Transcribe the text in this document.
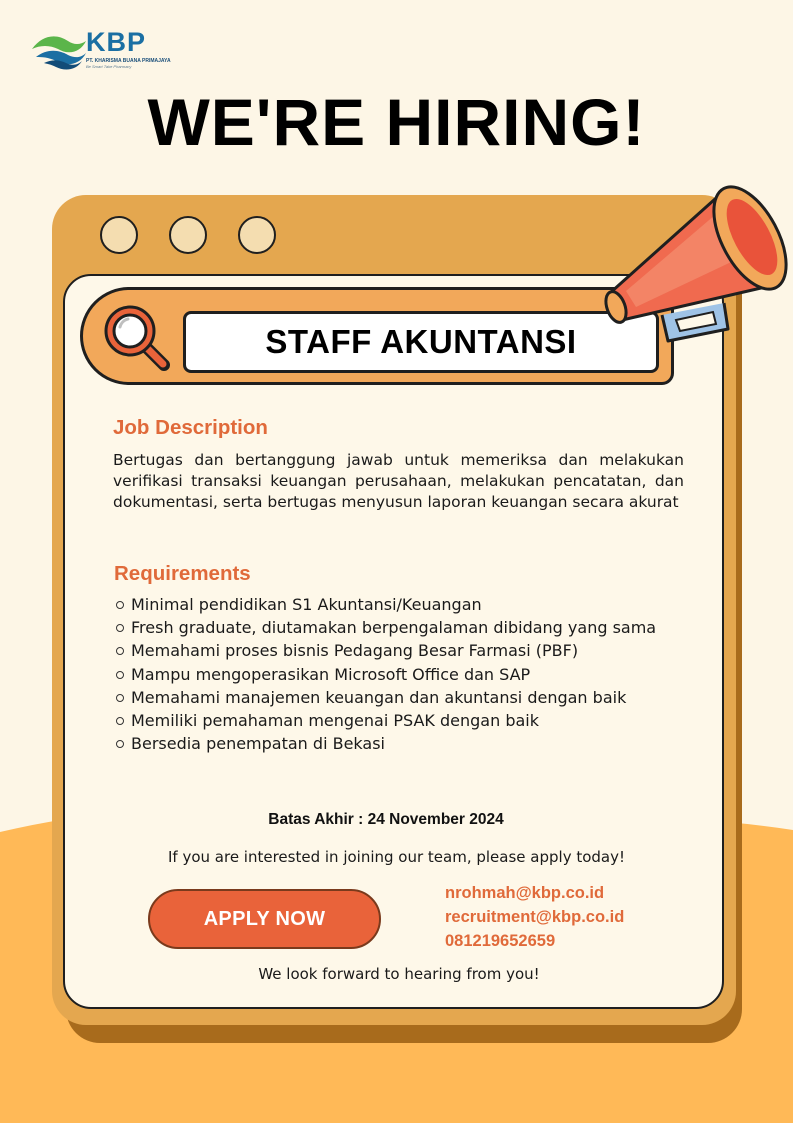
KBP
PT. KHARISMA BUANA PRIMAJAYA
Be Smart Take Pharmacy
WE'RE HIRING!
STAFF AKUNTANSI
Job Description
Bertugas dan bertanggung jawab untuk memeriksa dan melakukan verifikasi transaksi keuangan perusahaan, melakukan pencatatan, dan dokumentasi, serta bertugas menyusun laporan keuangan secara akurat
Requirements
Minimal pendidikan S1 Akuntansi/Keuangan
Fresh graduate, diutamakan berpengalaman dibidang yang sama
Memahami proses bisnis Pedagang Besar Farmasi (PBF)
Mampu mengoperasikan Microsoft Office dan SAP
Memahami manajemen keuangan dan akuntansi dengan baik
Memiliki pemahaman mengenai PSAK dengan baik
Bersedia penempatan di Bekasi
Batas Akhir : 24 November 2024
If you are interested in joining our team, please apply today!
APPLY NOW
nrohmah@kbp.co.id
recruitment@kbp.co.id
081219652659
We look forward to hearing from you!
